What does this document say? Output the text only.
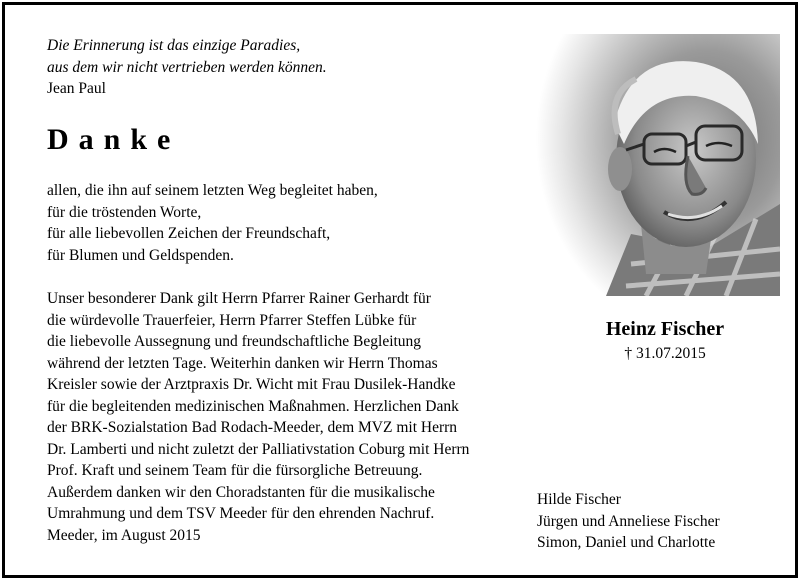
Die Erinnerung ist das einzige Paradies,
aus dem wir nicht vertrieben werden können.
Jean Paul
Danke
allen, die ihn auf seinem letzten Weg begleitet haben,
für die tröstenden Worte,
für alle liebevollen Zeichen der Freundschaft,
für Blumen und Geldspenden.
Unser besonderer Dank gilt Herrn Pfarrer Rainer Gerhardt für
die würdevolle Trauerfeier, Herrn Pfarrer Steffen Lübke für
die liebevolle Aussegnung und freundschaftliche Begleitung
während der letzten Tage. Weiterhin danken wir Herrn Thomas
Kreisler sowie der Arztpraxis Dr. Wicht mit Frau Dusilek-Handke
für die begleitenden medizinischen Maßnahmen. Herzlichen Dank
der BRK-Sozialstation Bad Rodach-Meeder, dem MVZ mit Herrn
Dr. Lamberti und nicht zuletzt der Palliativstation Coburg mit Herrn
Prof. Kraft und seinem Team für die fürsorgliche Betreuung.
Außerdem danken wir den Choradstanten für die musikalische
Umrahmung und dem TSV Meeder für den ehrenden Nachruf.
Meeder, im August 2015
Heinz Fischer
† 31.07.2015
Hilde Fischer
Jürgen und Anneliese Fischer
Simon, Daniel und Charlotte
